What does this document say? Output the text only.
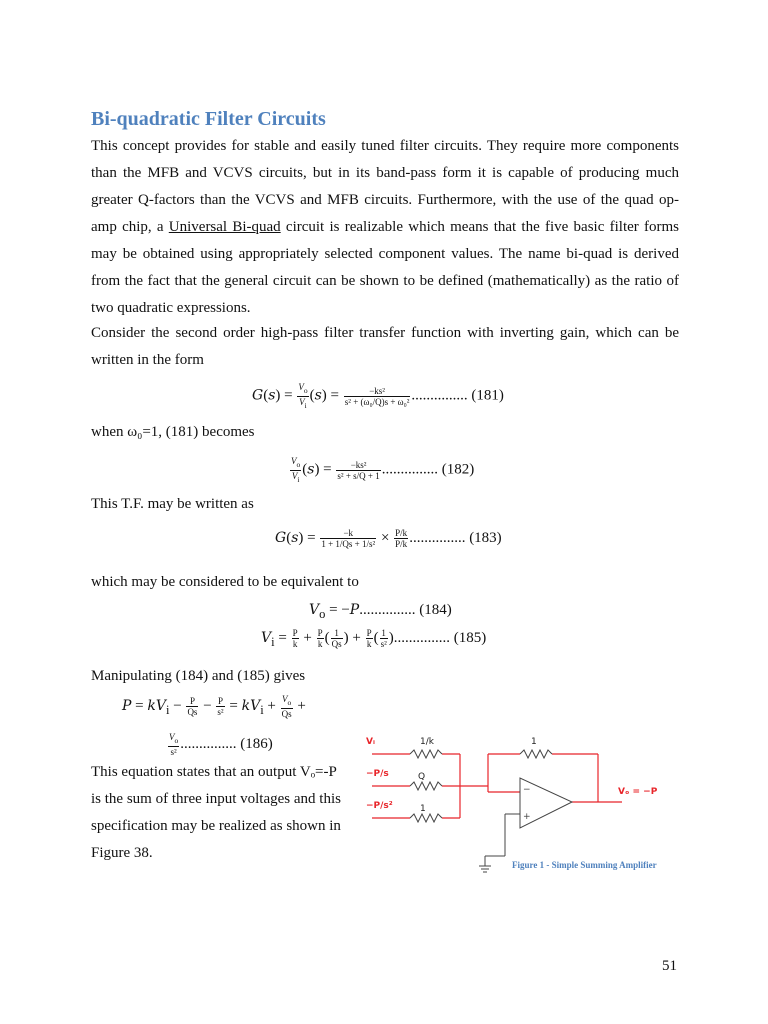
Bi-quadratic Filter Circuits

This concept provides for stable and easily tuned filter circuits. They require more components than the MFB and VCVS circuits, but in its band-pass form it is capable of producing much greater Q-factors than the VCVS and MFB circuits. Furthermore, with the use of the quad op-amp chip, a Universal Bi-quad circuit is realizable which means that the five basic filter forms may be obtained using appropriately selected component values. The name bi-quad is derived from the fact that the general circuit can be shown to be defined (mathematically) as the ratio of two quadratic expressions.

Consider the second order high-pass filter transfer function with inverting gain, which can be written in the form

$G(s) = \frac{V_o}{V_i} (s) = \frac{\text{−ks²}}{\text{s² + (ω₀/Q)s + ω₀²}}$ ............... (181)
when ω₀=1, (181) becomes
$\frac{V_o}{V_i} (s) = \frac{\text{−ks²}}{\text{s² + s/Q + 1}}$ ............... (182)
This T.F. may be written as
$G(s) = \frac{-k}{\text{1 + 1/Qs + 1/s²}} \times \frac{P/k}{P/k}$ ............... (183)
which may be considered to be equivalent to
$V_o = -P$............... (184)
$V_i = \frac{P}{k} + \frac{P}{k}$ ( $\frac{1}{Qs}$ ) + $\frac{P}{k}$ ( $\frac{1}{\text{s²}}$ )............... (185)
Manipulating (184) and (185) gives
$P = kV_i - \frac{P}{Qs} - \frac{P}{\text{s²}} = kV_i + \frac{V_o}{Qs}$ +
$\frac{V_o}{\text{s²}}$ ............... (186)
This equation states that an output Vₒ=-P
is the sum of three input voltages and this
specification may be realized as shown in
Figure 38.
Vᵢ
−P/s
−P/s²
Vₒ = −P
1/k
Q
1
1
−
+
Figure 1 - Simple Summing Amplifier
51
